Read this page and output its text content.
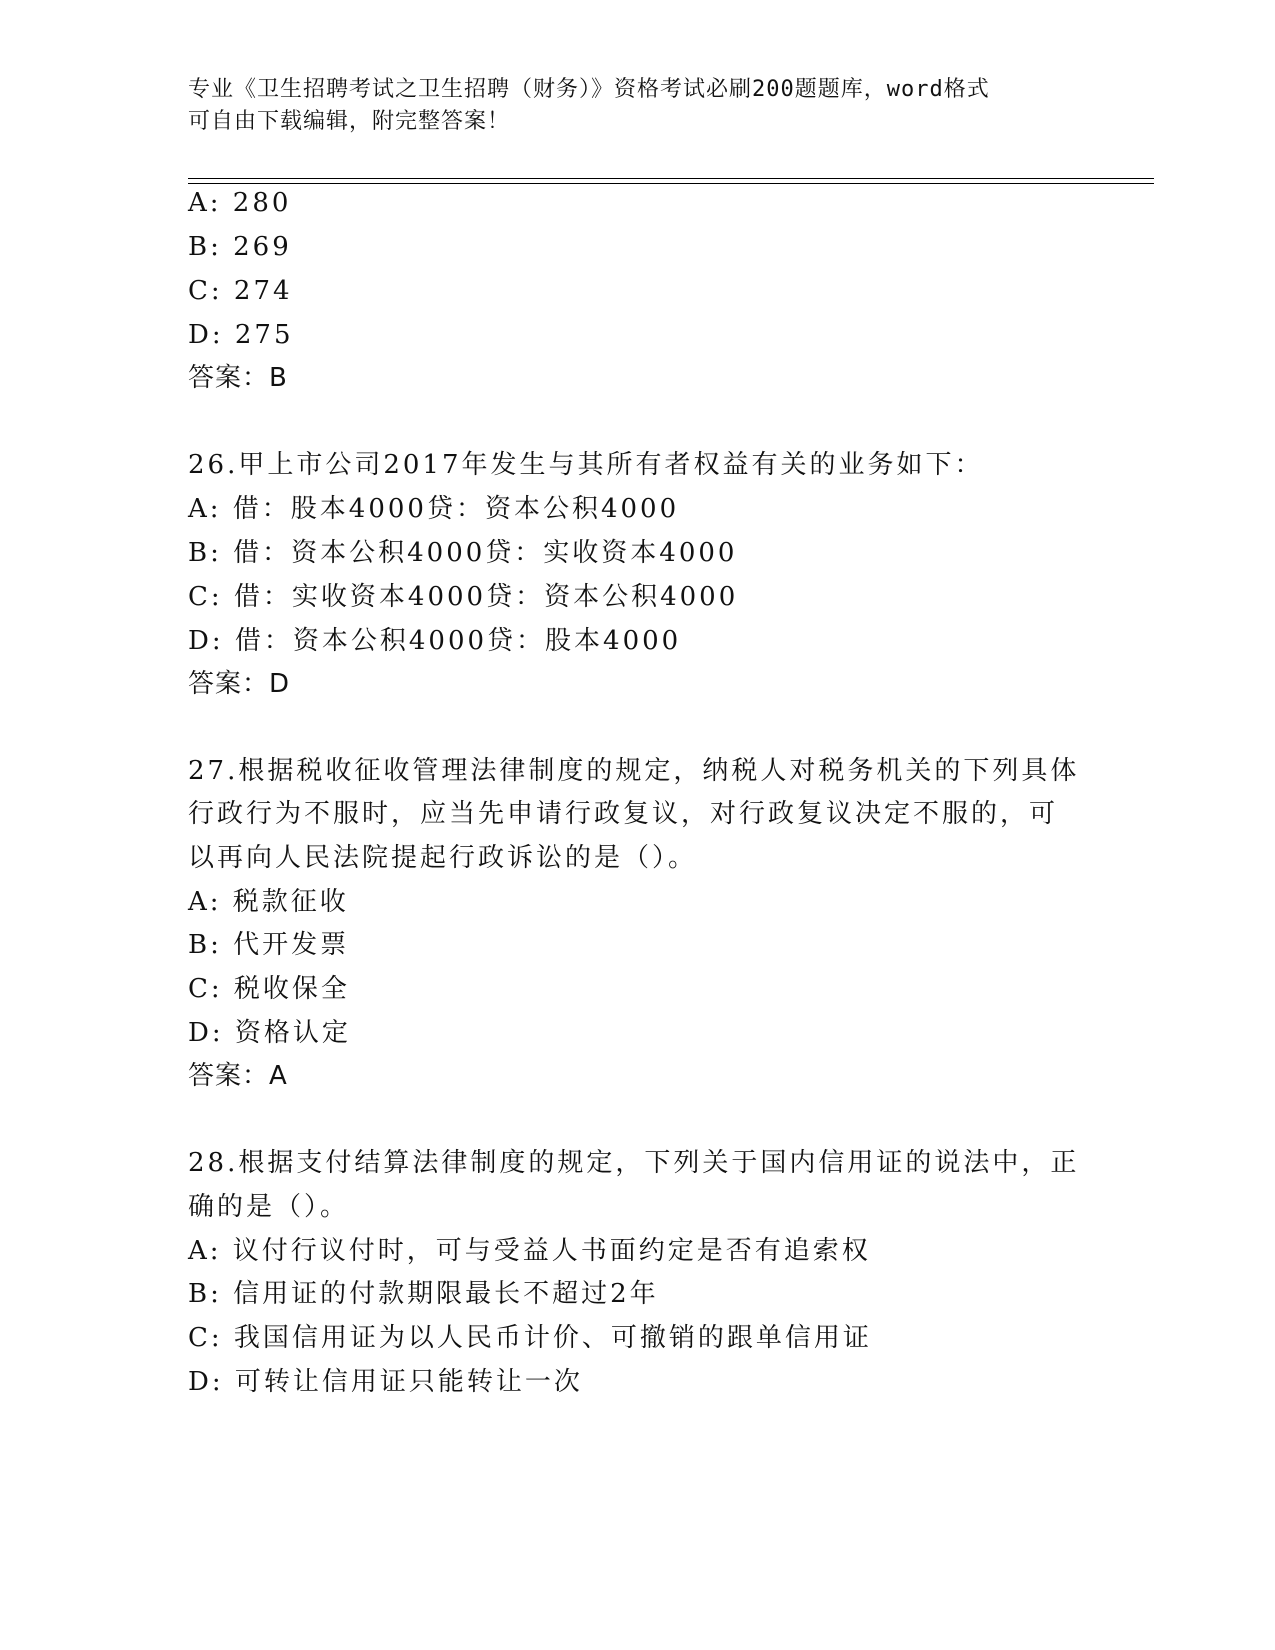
专业《卫生招聘考试之卫生招聘（财务）》资格考试必刷200题题库，word格式
可自由下载编辑，附完整答案！
A: 280
B: 269
C: 274
D: 275
答案：B
26.甲上市公司2017年发生与其所有者权益有关的业务如下：
A: 借：股本4000贷：资本公积4000
B: 借：资本公积4000贷：实收资本4000
C: 借：实收资本4000贷：资本公积4000
D: 借：资本公积4000贷：股本4000
答案：D
27.根据税收征收管理法律制度的规定，纳税人对税务机关的下列具体
行政行为不服时，应当先申请行政复议，对行政复议决定不服的，可
以再向人民法院提起行政诉讼的是（）。
A: 税款征收
B: 代开发票
C: 税收保全
D: 资格认定
答案：A
28.根据支付结算法律制度的规定，下列关于国内信用证的说法中，正
确的是（）。
A: 议付行议付时，可与受益人书面约定是否有追索权
B: 信用证的付款期限最长不超过2年
C: 我国信用证为以人民币计价、可撤销的跟单信用证
D: 可转让信用证只能转让一次
